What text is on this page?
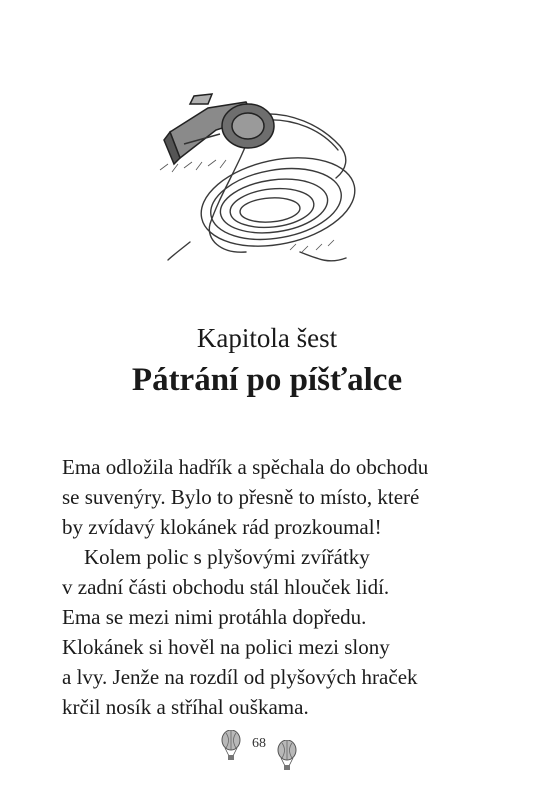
Kapitola šest
Pátrání po píšťalce
Ema odložila hadřík a spěchala do obchodu
se suvenýry. Bylo to přesně to místo, které
by zvídavý klokánek rád prozkoumal!
Kolem polic s plyšovými zvířátky
v zadní části obchodu stál hlouček lidí.
Ema se mezi nimi protáhla dopředu.
Klokánek si hověl na polici mezi slony
a lvy. Jenže na rozdíl od plyšových hraček
krčil nosík a stříhal ouškama.
68
